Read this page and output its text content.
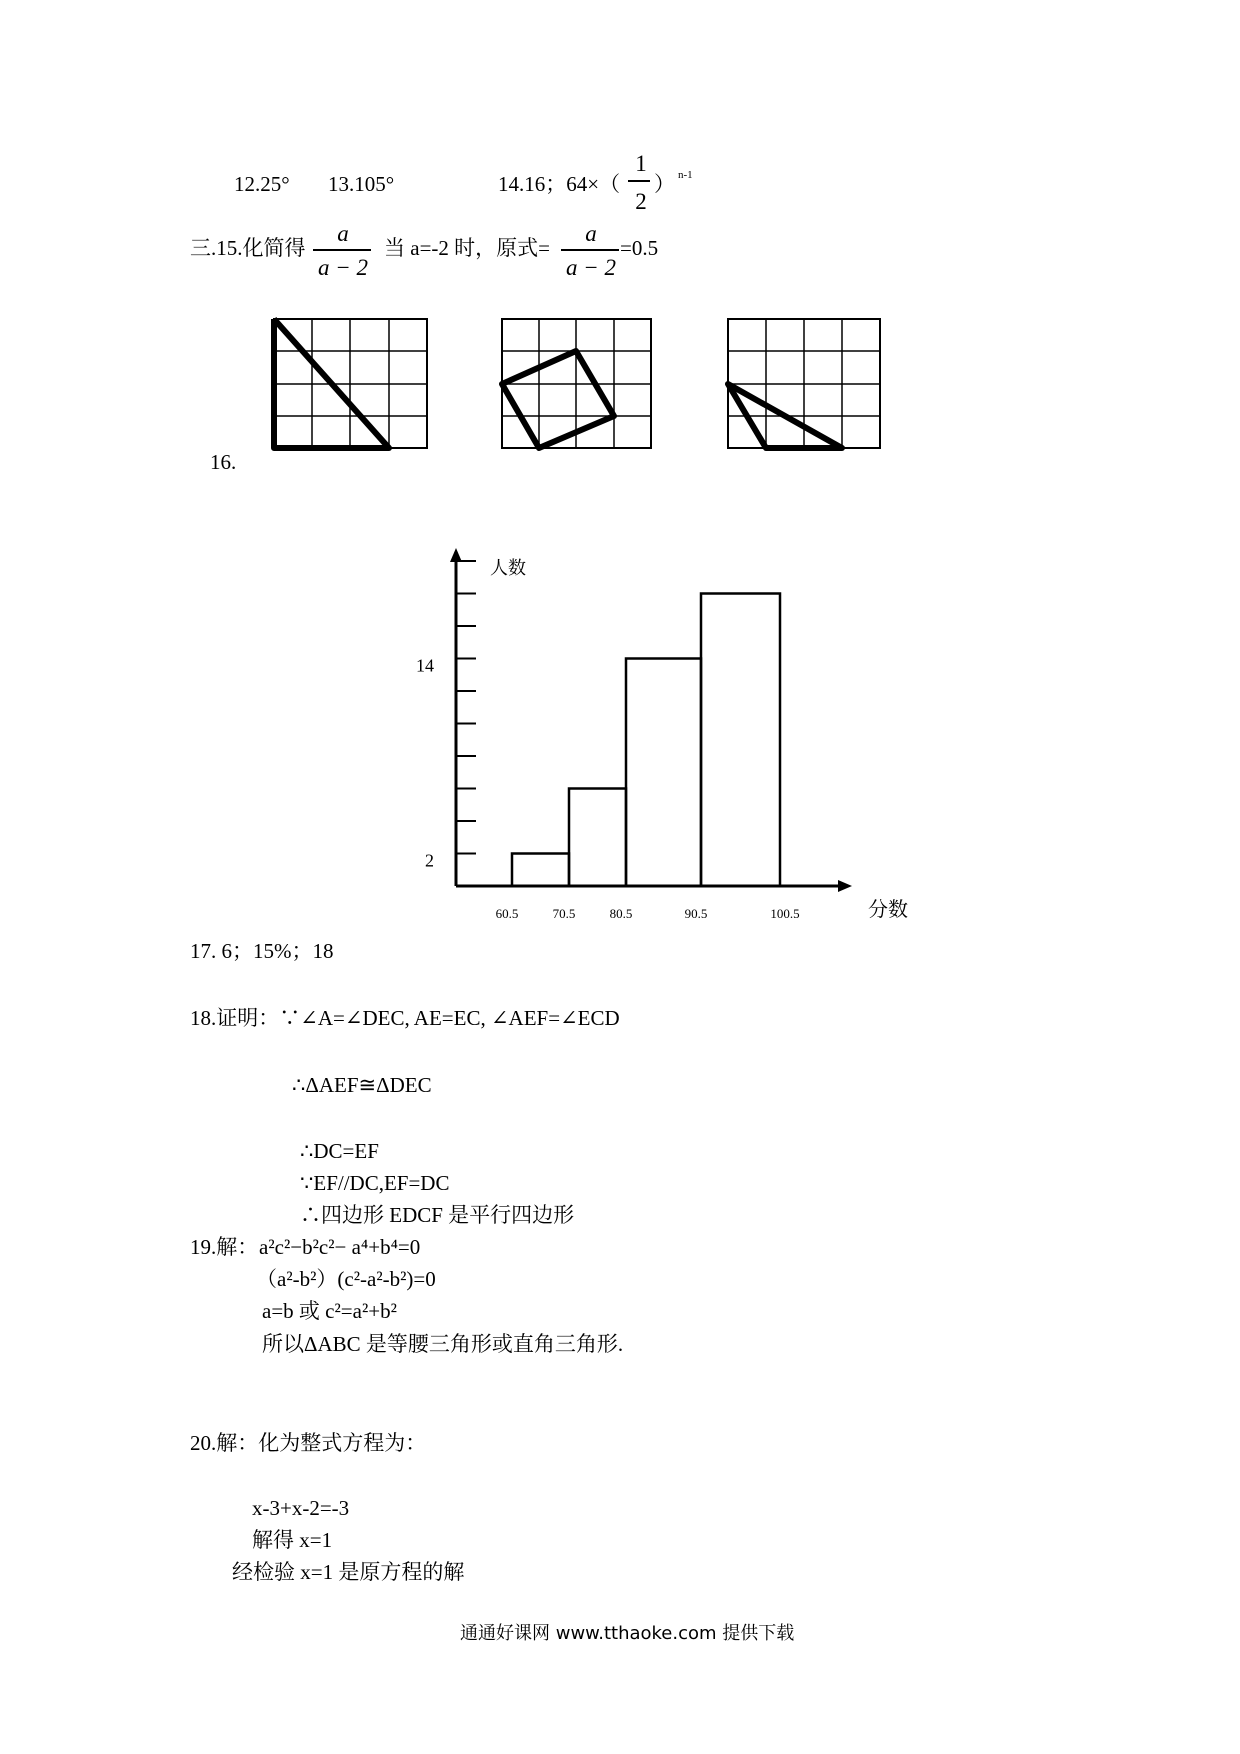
12.25° 13.105°	14.16；64×（
1
2
） n-1
三.15.化简得
a
a − 2
当 a=-2 时，原式=
a
a − 2
=0.5
16.
60.5	70.5	80.5	90.5	100.5
2
14
人数
分数
17. 6；15%；18
18.证明：∵∠A=∠DEC, AE=EC, ∠AEF=∠ECD
∴ΔAEF≅ΔDEC
∴DC=EF
∵EF//DC,EF=DC
∴四边形 EDCF 是平行四边形
19.解： a²c²−b²c²− a⁴+b⁴=0
（a²-b²）(c²-a²-b²)=0
a=b 或 c²=a²+b²
所以ΔABC 是等腰三角形或直角三角形.
20.解：化为整式方程为：
x-3+x-2=-3
解得 x=1
经检验 x=1 是原方程的解
通通好课网 www.tthaoke.com 提供下载
